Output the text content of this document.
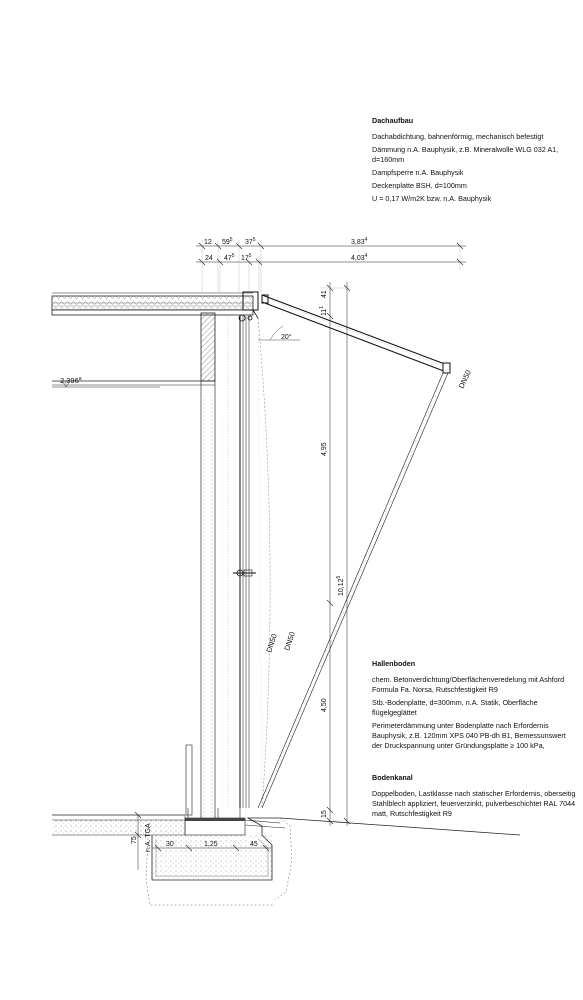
2,396$^a$
20°
DN50
DN50 DN50
12 $59^5$ $37^5$	3,83$^4$
24 $47^5$ $17^5$	4,03$^4$
$11^1$
41
4,95
4,50
15
10,12$^5$
30	1,25	45
75 n.A. TGA
Dachaufbau
Dachabdichtung, bahnenförmig, mechanisch befestigt
Dämmung n.A. Bauphysik, z.B. Mineralwolle WLG 032 A1, d=160mm
Dampfsperre n.A. Bauphysik
Deckenplatte BSH, d=100mm
U = 0,17 W/m2K bzw. n.A. Bauphysik
Hallenboden
chem. Betonverdichtung/Oberflächenveredelung mit Ashford Formula Fa. Norsa, Rutschfestigkeit R9
Stb.-Bodenplatte, d=300mm, n.A. Statik, Oberfläche flügelgeglättet
Perimeterdämmung unter Bodenplatte nach Erfordernis Bauphysik, z.B. 120mm XPS 040 PB-dh B1, Bemessunswert der Druckspannung unter Gründungsplatte ≥ 100 kPa,
Bodenkanal
Doppelboden, Lastklasse nach statischer Erfordernis, oberseitig Stahlblech appliziert, feuerverzinkt, pulverbeschichtet RAL 7044 matt, Rutschfestigkeit R9
